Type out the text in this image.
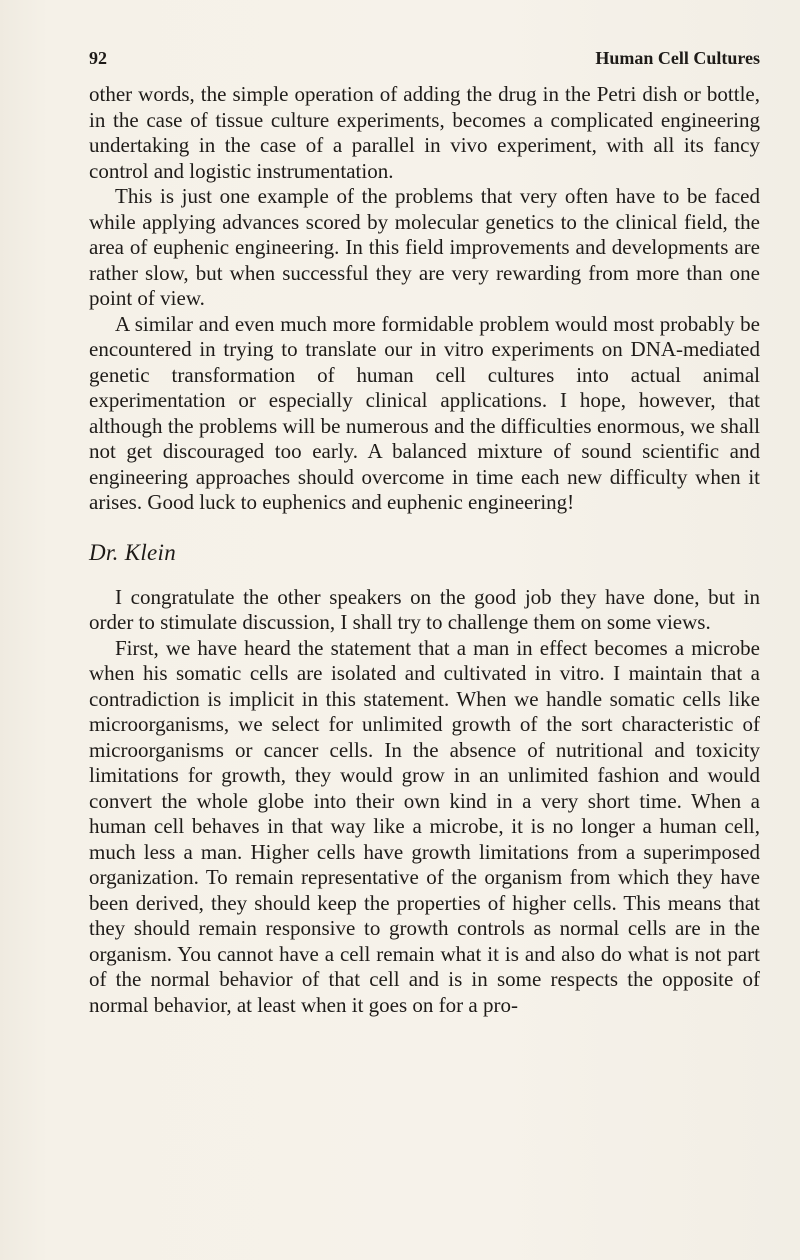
92	Human Cell Cultures

other words, the simple operation of adding the drug in the Petri dish or bottle, in the case of tissue culture experiments, becomes a complicated engineering undertaking in the case of a parallel in vivo experiment, with all its fancy control and logistic instrumentation.

This is just one example of the problems that very often have to be faced while applying advances scored by molecular genetics to the clinical field, the area of euphenic engineering. In this field improvements and developments are rather slow, but when successful they are very rewarding from more than one point of view.

A similar and even much more formidable problem would most probably be encountered in trying to translate our in vitro experiments on DNA-mediated genetic transformation of human cell cultures into actual animal experimentation or especially clinical applications. I hope, however, that although the problems will be numerous and the difficulties enormous, we shall not get discouraged too early. A balanced mixture of sound scientific and engineering approaches should overcome in time each new difficulty when it arises. Good luck to euphenics and euphenic engineering!

Dr. Klein

I congratulate the other speakers on the good job they have done, but in order to stimulate discussion, I shall try to challenge them on some views.

First, we have heard the statement that a man in effect becomes a microbe when his somatic cells are isolated and cultivated in vitro. I maintain that a contradiction is implicit in this statement. When we handle somatic cells like microorganisms, we select for unlimited growth of the sort characteristic of microorganisms or cancer cells. In the absence of nutritional and toxicity limitations for growth, they would grow in an unlimited fashion and would convert the whole globe into their own kind in a very short time. When a human cell behaves in that way like a microbe, it is no longer a human cell, much less a man. Higher cells have growth limitations from a superimposed organization. To remain representative of the organism from which they have been derived, they should keep the properties of higher cells. This means that they should remain responsive to growth controls as normal cells are in the organism. You cannot have a cell remain what it is and also do what is not part of the normal behavior of that cell and is in some respects the opposite of normal behavior, at least when it goes on for a pro-
